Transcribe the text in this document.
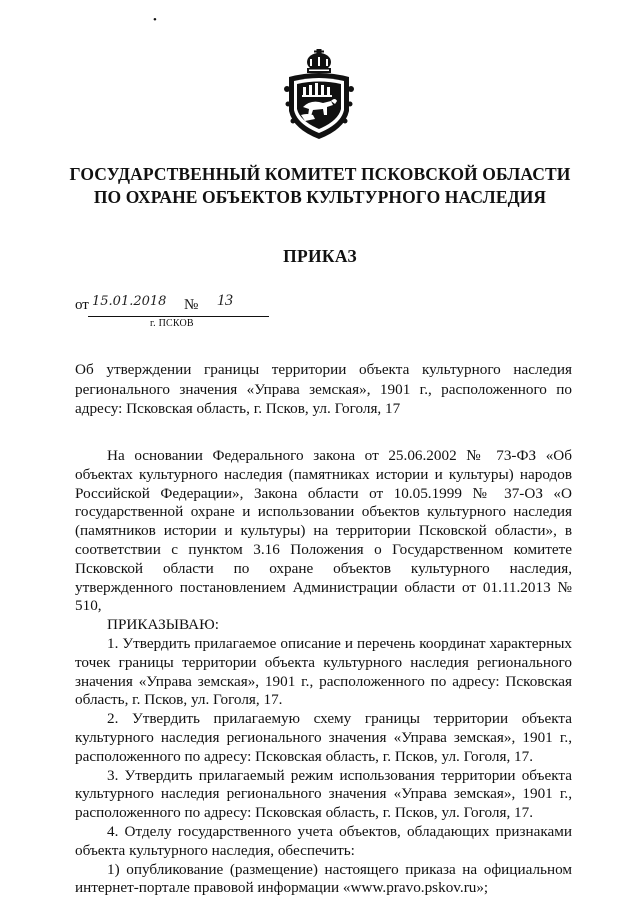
•
ГОСУДАРСТВЕННЫЙ КОМИТЕТ ПСКОВСКОЙ ОБЛАСТИ
ПО ОХРАНЕ ОБЪЕКТОВ КУЛЬТУРНОГО НАСЛЕДИЯ
ПРИКАЗ
от 15.01.2018 № 13
г. ПСКОВ
Об утверждении границы территории объекта культурного наследия регионального значения «Управа земская», 1901 г., расположенного по адресу: Псковская область, г. Псков, ул. Гоголя, 17

На основании Федерального закона от 25.06.2002 № 73-ФЗ «Об объектах культурного наследия (памятниках истории и культуры) народов Российской Федерации», Закона области от 10.05.1999 № 37-ОЗ «О государственной охране и использовании объектов культурного наследия (памятников истории и культуры) на территории Псковской области», в соответствии с пунктом 3.16 Положения о Государственном комитете Псковской области по охране объектов культурного наследия, утвержденного постановлением Администрации области от 01.11.2013 № 510,

ПРИКАЗЫВАЮ:

1. Утвердить прилагаемое описание и перечень координат характерных точек границы территории объекта культурного наследия регионального значения «Управа земская», 1901 г., расположенного по адресу: Псковская область, г. Псков, ул. Гоголя, 17.

2. Утвердить прилагаемую схему границы территории объекта культурного наследия регионального значения «Управа земская», 1901 г., расположенного по адресу: Псковская область, г. Псков, ул. Гоголя, 17.

3. Утвердить прилагаемый режим использования территории объекта культурного наследия регионального значения «Управа земская», 1901 г., расположенного по адресу: Псковская область, г. Псков, ул. Гоголя, 17.

4. Отделу государственного учета объектов, обладающих признаками объекта культурного наследия, обеспечить:

1) опубликование (размещение) настоящего приказа на официальном интернет-портале правовой информации «www.pravo.pskov.ru»;
